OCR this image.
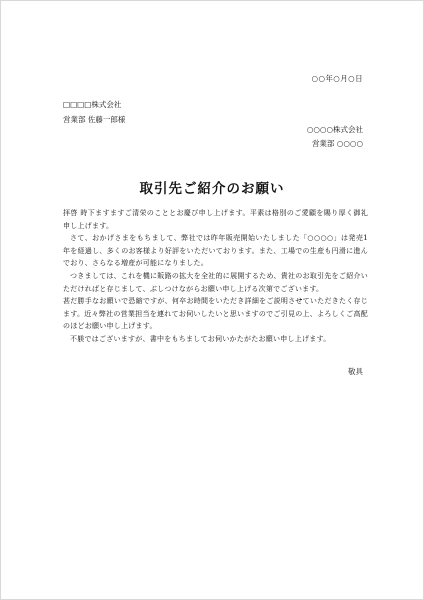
○○年○月○日
□□□□株式会社
営業部 佐藤一郎様
○○○○株式会社
営業部 ○○○○
取引先ご紹介のお願い

拝啓 時下ますますご清栄のこととお慶び申し上げます。平素は格別のご愛顧を賜り厚く御礼申し上げます。

さて、おかげさまをもちまして、弊社では昨年販売開始いたしました「○○○○」は発売1年を経過し、多くのお客様より好評をいただいております。また、工場での生産も円滑に進んでおり、さらなる増産が可能になりました。

つきましては、これを機に販路の拡大を全社的に展開するため、貴社のお取引先をご紹介いただければと存じまして、ぶしつけながらお願い申し上げる次第でございます。

甚だ勝手なお願いで恐縮ですが、何卒お時間をいただき詳細をご説明させていただきたく存じます。近々弊社の営業担当を連れてお伺いしたいと思いますのでご引見の上、よろしくご高配のほどお願い申し上げます。

不躾ではございますが、書中をもちましてお伺いかたがたお願い申し上げます。

敬具
